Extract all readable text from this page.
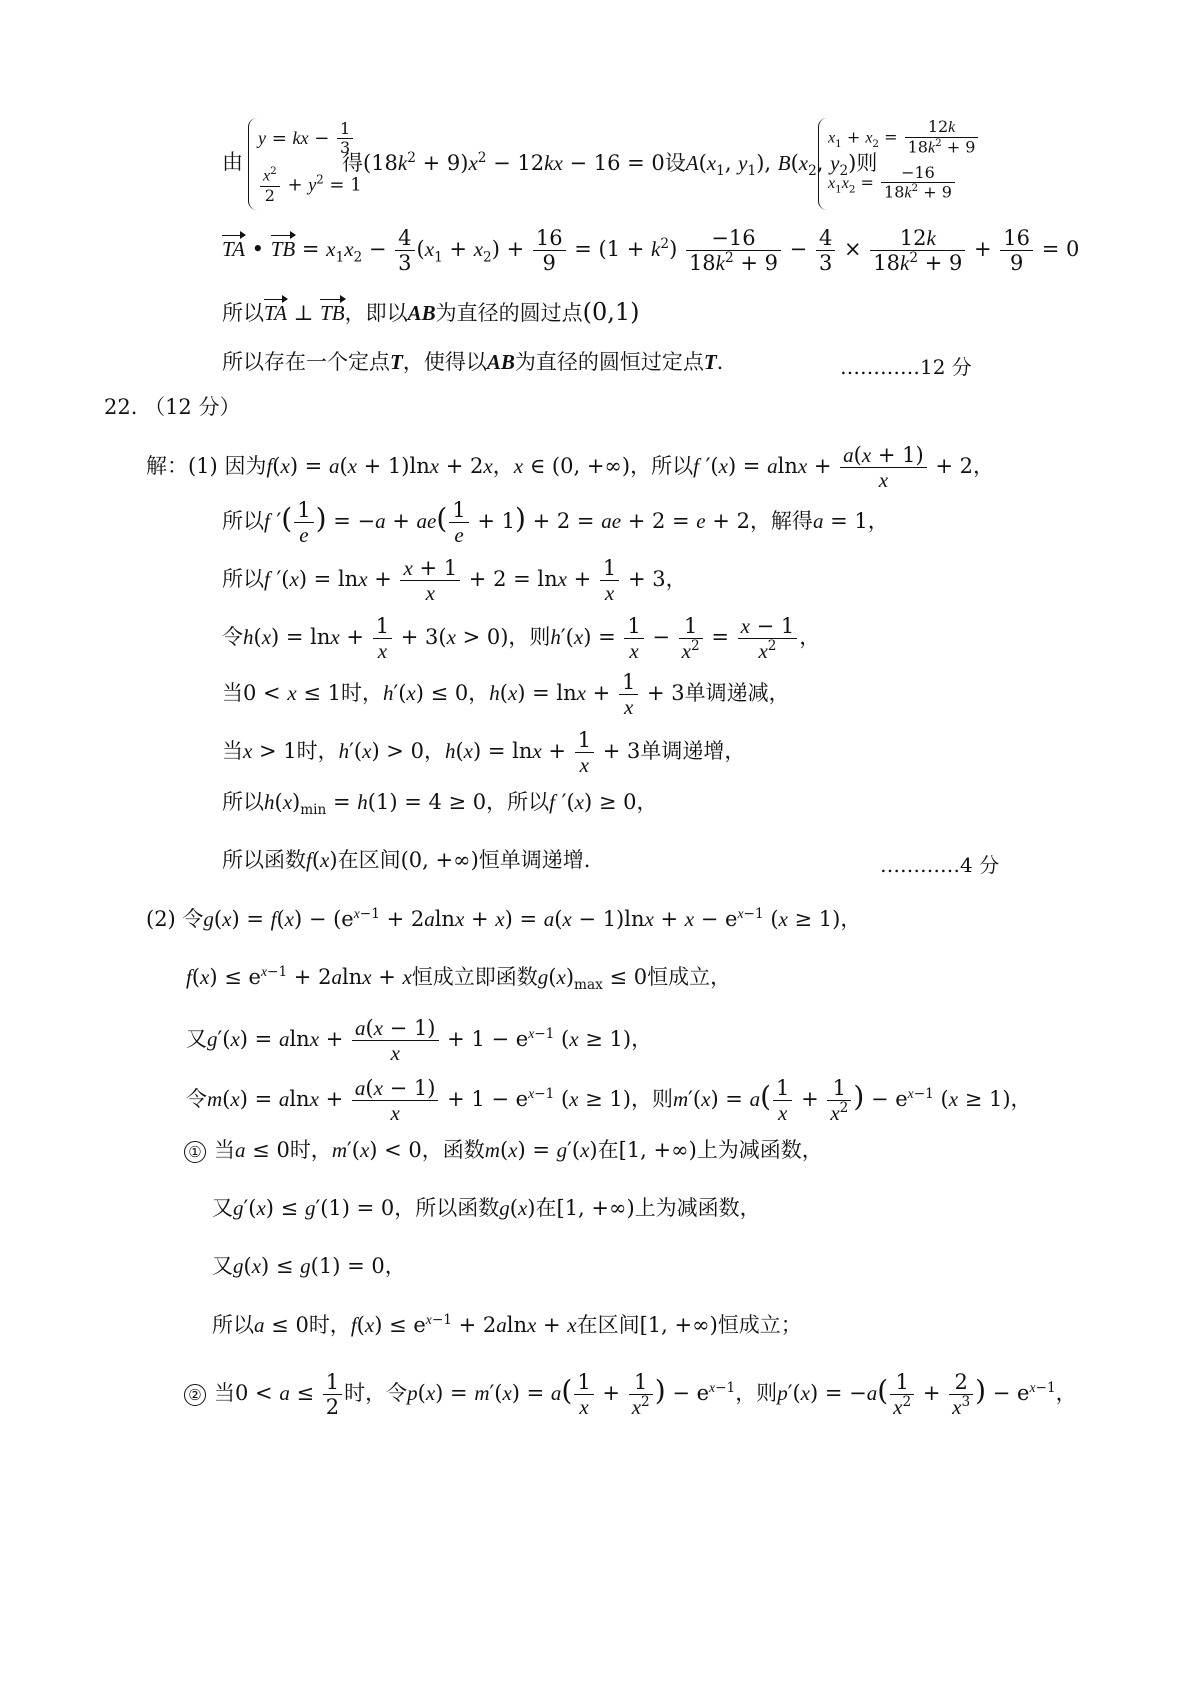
由
y = kx − $\frac{1}{3}$
$\frac{x^2}{2} + y^2 = 1$
得$(18k^2 + 9)x^2 - 12kx - 16 = 0$设$A(x_1$, $y_1$), $B(x_2$, $y_2$)则
$x_1 + x_2 = \frac{12k}{18k^2 + 9}$
$x_1x_2 = \frac{-16}{18k^2 + 9}$
TA • TB = $x_1x_2 - \frac{4}{3} (x_1 + x_2) + \frac{16}{9} = (1 + k^2) \frac{-16}{18k^2 + 9} - \frac{4}{3} \times \frac{12k}{18k^2 + 9} + \frac{16}{9} = 0$
所以TA ⊥ TB，即以AB为直径的圆过点(0,1)
所以存在一个定点T，使得以AB为直径的圆恒过定点T.	…………12 分
22. （12 分）
解：(1) 因为f(x) = a(x + 1)lnx + 2x，x ∈ (0, +∞)，所以f $'(x) = alnx + \frac{a(x + 1)}{x} + 2$，
所以f ′( $\frac{1}{e}$ ) = $-a + ae( \frac{1}{e} + 1) + 2$ = ae + 2 = e + 2，解得a = 1，
所以f $'(x) = \ln x + \frac{x + 1}{x} + 2 = \ln x + \frac{1}{x} + 3$，
令$h(x) = \ln x + \frac{1}{x} + 3(x > 0)$，则$h'(x) = \frac{1}{x} - \frac{1}{x^2} = \frac{x - 1}{x^2}$ ，
当0 < x ≤ 1时，h′(x) ≤ 0，$h(x) = \ln x + \frac{1}{x} + 3$单调递减，
当x > 1时，h′(x) > 0，$h(x) = \ln x + \frac{1}{x} + 3$单调递增，
所以$h(x)_{min} = h(1) = 4 \ge 0$，所以f ′(x) ≥ 0，
所以函数f(x)在区间(0, +∞)恒单调递增.	…………4 分
(2) 令$g(x) = f(x) - (e^{x-1} + 2alnx + x) = a(x - 1)\ln x + x - e^{x-1}$ (x ≥ 1)，
$f(x) \le e^{x-1} + 2alnx + x$恒成立即函数$g(x)_{max} \le 0$恒成立，
又$g'(x) = alnx + \frac{a(x - 1)}{x} + 1 - e^{x-1}$ (x ≥ 1)，
令$m(x) = alnx + \frac{a(x - 1)}{x} + 1 - e^{x-1}$ (x ≥ 1)，则$m'(x) = a( \frac{1}{x} + \frac{1}{x^2}$ ) − $e^{x-1}$ (x ≥ 1)，
① 当a ≤ 0时，m′(x) < 0，函数m(x) = g′(x)在[1, +∞)上为减函数，
又g′(x) ≤ g′(1) = 0，所以函数g(x)在[1, +∞)上为减函数，
又g(x) ≤ g(1) = 0，
所以a ≤ 0时，$f(x) \le e^{x-1} + 2alnx + x$在区间[1, +∞)恒成立；
② 当$0 < a \le \frac{1}{2}$ 时，令$p(x) = m'(x) = a( \frac{1}{x} + \frac{1}{x^2}$ ) − $e^{x-1}$，则$p'(x) = -a( \frac{1}{x^2} + \frac{2}{x^3}$ ) − $e^{x-1}$，
